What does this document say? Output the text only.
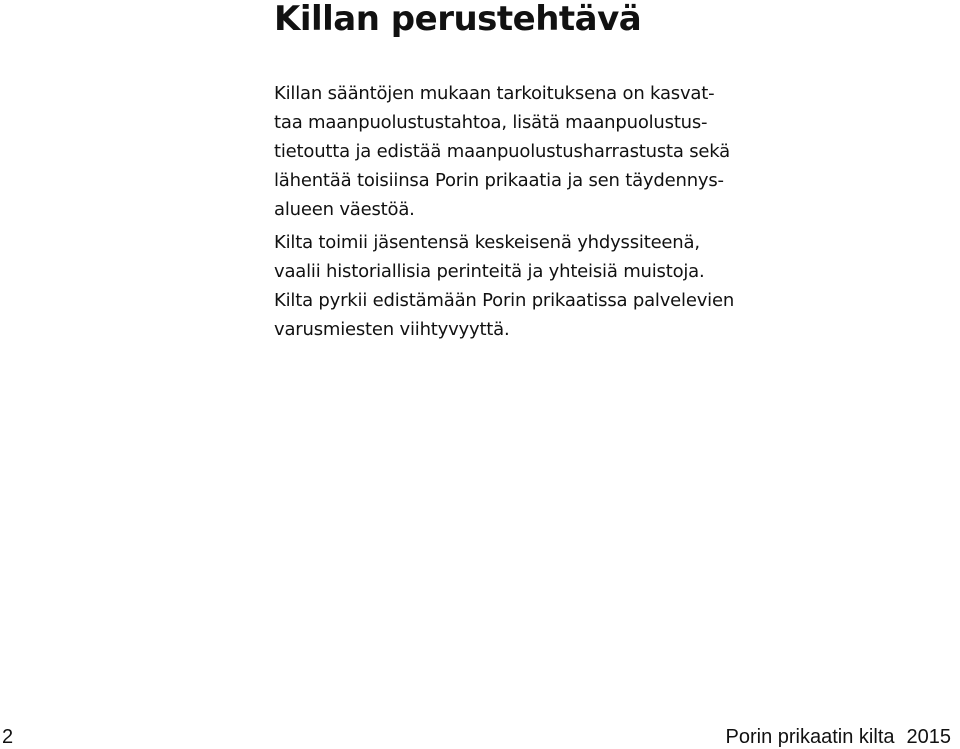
Killan perustehtävä
Killan sääntöjen mukaan tarkoituksena on kasvat-
taa maanpuolustustahtoa, lisätä maanpuolustus-
tietoutta ja edistää maanpuolustusharrastusta sekä
lähentää toisiinsa Porin prikaatia ja sen täydennys-
alueen väestöä.
Kilta toimii jäsentensä keskeisenä yhdyssiteenä,
vaalii historiallisia perinteitä ja yhteisiä muistoja.
Kilta pyrkii edistämään Porin prikaatissa palvelevien
varusmiesten viihtyvyyttä.
2	Porin prikaatin kilta 2015
